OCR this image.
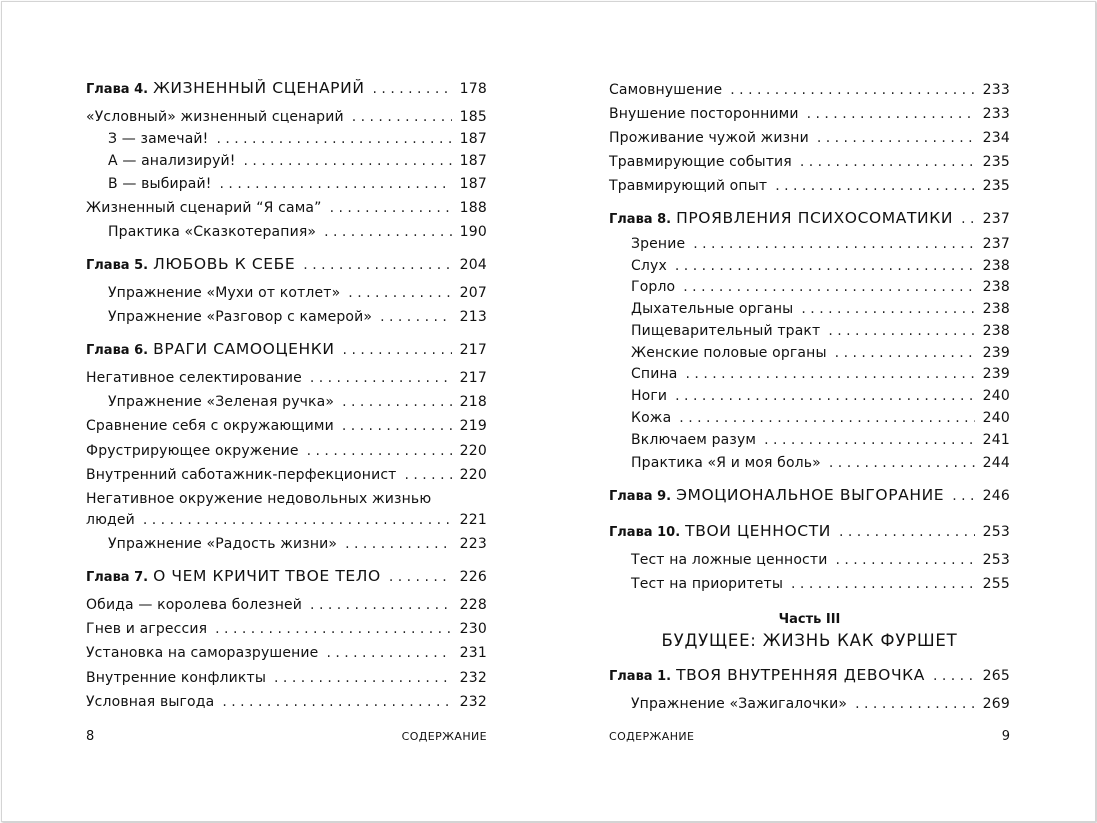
Глава 4. ЖИЗНЕННЫЙ СЦЕНАРИЙ . . .	178
«Условный» жизненный сценарий . . .	185
З — замечай! . . .	187
А — анализируй! . . .	187
В — выбирай! . . .	187
Жизненный сценарий “Я сама” . . .	188
Практика «Сказкотерапия» . . .	190
Глава 5. ЛЮБОВЬ К СЕБЕ . . .	204
Упражнение «Мухи от котлет» . . .	207
Упражнение «Разговор с камерой» . . .	213
Глава 6. ВРАГИ САМООЦЕНКИ . . .	217
Негативное селектирование . . .	217
Упражнение «Зеленая ручка» . . .	218
Сравнение себя с окружающими . . .	219
Фрустрирующее окружение . . .	220
Внутренний саботажник-перфекционист . . .	220
Негативное окружение недовольных жизнью
людей . . .	221
Упражнение «Радость жизни» . . .	223
Глава 7. О ЧЕМ КРИЧИТ ТВОЕ ТЕЛО . . .	226
Обида — королева болезней . . .	228
Гнев и агрессия . . .	230
Установка на саморазрушение . . .	231
Внутренние конфликты . . .	232
Условная выгода . . .	232
8	СОДЕРЖАНИЕ
Самовнушение . . .	233
Внушение посторонними . . .	233
Проживание чужой жизни . . .	234
Травмирующие события . . .	235
Травмирующий опыт . . .	235
Глава 8. ПРОЯВЛЕНИЯ ПСИХОСОМАТИКИ . . . 237
Зрение . . .	237
Слух . . .	238
Горло . . .	238
Дыхательные органы . . .	238
Пищеварительный тракт . . .	238
Женские половые органы . . .	239
Спина . . .	239
Ноги . . .	240
Кожа . . .	240
Включаем разум . . .	241
Практика «Я и моя боль» . . .	244
Глава 9. ЭМОЦИОНАЛЬНОЕ ВЫГОРАНИЕ . . .	246
Глава 10. ТВОИ ЦЕННОСТИ . . .	253
Тест на ложные ценности . . .	253
Тест на приоритеты . . .	255
Часть III
БУДУЩЕЕ: ЖИЗНЬ КАК ФУРШЕТ
Глава 1. ТВОЯ ВНУТРЕННЯЯ ДЕВОЧКА . . .	265
Упражнение «Зажигалочки» . . .	269
СОДЕРЖАНИЕ	9
